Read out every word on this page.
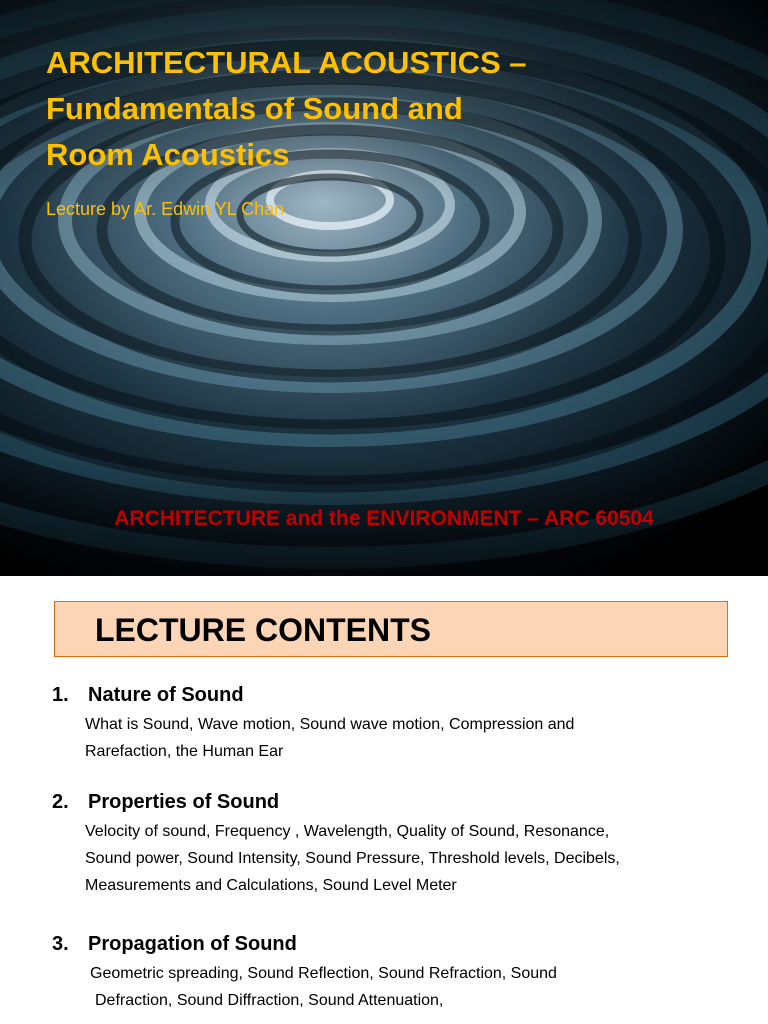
ARCHITECTURAL ACOUSTICS –
Fundamentals of Sound and
Room Acoustics
Lecture by Ar. Edwin YL Chan
ARCHITECTURE and the ENVIRONMENT – ARC 60504
LECTURE CONTENTS
1. Nature of Sound

What is Sound, Wave motion, Sound wave motion, Compression and
Rarefaction, the Human Ear

2. Properties of Sound

Velocity of sound, Frequency , Wavelength, Quality of Sound, Resonance,
Sound power, Sound Intensity, Sound Pressure, Threshold levels, Decibels,
Measurements and Calculations, Sound Level Meter

3. Propagation of Sound

Geometric spreading, Sound Reflection, Sound Refraction, Sound
Defraction, Sound Diffraction, Sound Attenuation,
